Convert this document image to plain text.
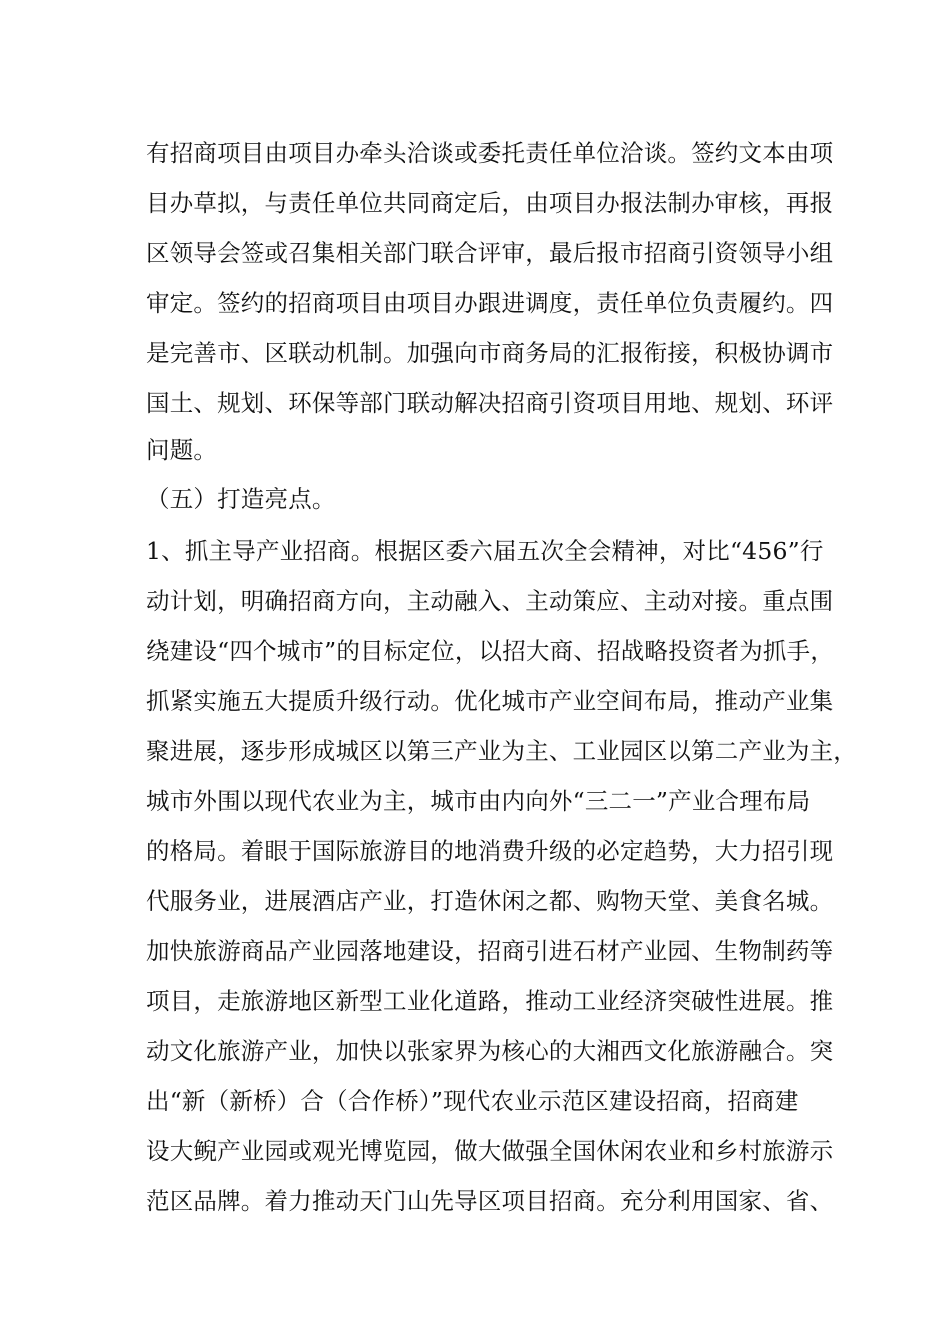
有招商项目由项目办牵头洽谈或委托责任单位洽谈。签约文本由项
目办草拟，与责任单位共同商定后，由项目办报法制办审核，再报
区领导会签或召集相关部门联合评审，最后报市招商引资领导小组
审定。签约的招商项目由项目办跟进调度，责任单位负责履约。四
是完善市、区联动机制。加强向市商务局的汇报衔接，积极协调市
国土、规划、环保等部门联动解决招商引资项目用地、规划、环评
问题。
（五）打造亮点。
1、抓主导产业招商。根据区委六届五次全会精神，对比“456”行
动计划，明确招商方向，主动融入、主动策应、主动对接。重点围
绕建设“四个城市”的目标定位，以招大商、招战略投资者为抓手，
抓紧实施五大提质升级行动。优化城市产业空间布局，推动产业集
聚进展，逐步形成城区以第三产业为主、工业园区以第二产业为主，
城市外围以现代农业为主，城市由内向外“三二一”产业合理布局
的格局。着眼于国际旅游目的地消费升级的必定趋势，大力招引现
代服务业，进展酒店产业，打造休闲之都、购物天堂、美食名城。
加快旅游商品产业园落地建设，招商引进石材产业园、生物制药等
项目，走旅游地区新型工业化道路，推动工业经济突破性进展。推
动文化旅游产业，加快以张家界为核心的大湘西文化旅游融合。突
出“新（新桥）合（合作桥）”现代农业示范区建设招商，招商建
设大鲵产业园或观光博览园，做大做强全国休闲农业和乡村旅游示
范区品牌。着力推动天门山先导区项目招商。充分利用国家、省、
